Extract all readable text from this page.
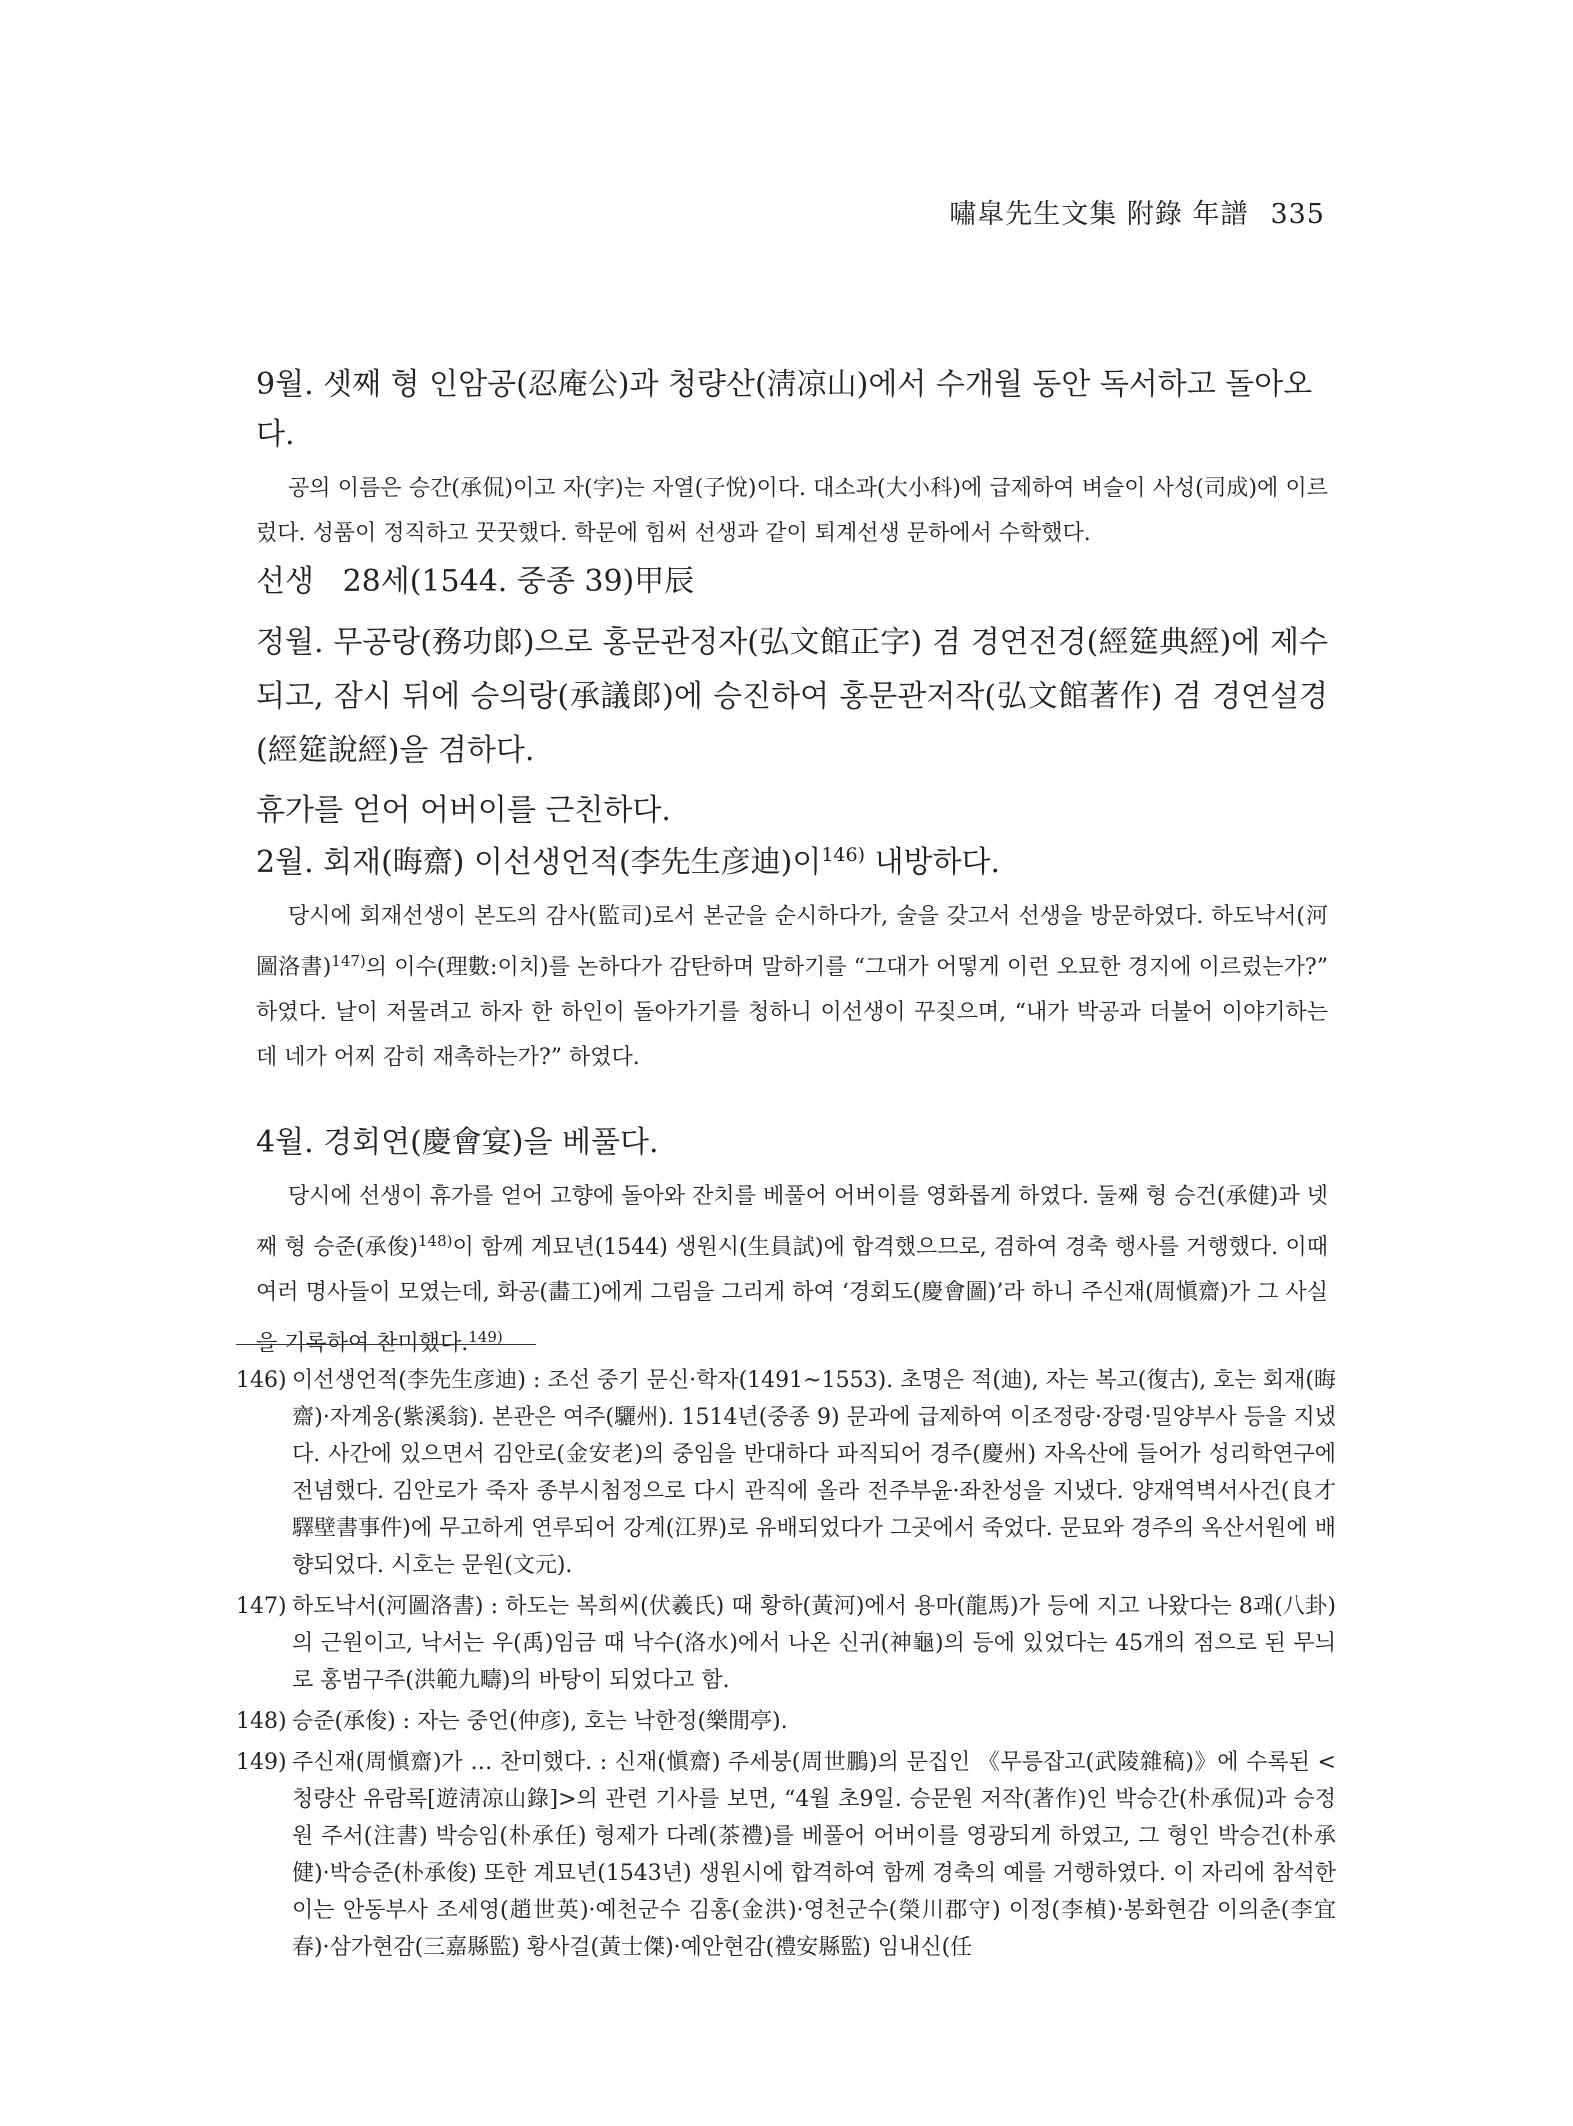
嘯皐先生文集 附錄 年譜 335

9월. 셋째 형 인암공(忍庵公)과 청량산(淸凉山)에서 수개월 동안 독서하고 돌아오다.

공의 이름은 승간(承侃)이고 자(字)는 자열(子悅)이다. 대소과(大小科)에 급제하여 벼슬이 사성(司成)에 이르렀다. 성품이 정직하고 꿋꿋했다. 학문에 힘써 선생과 같이 퇴계선생 문하에서 수학했다.

선생 28세(1544. 중종 39)甲辰

정월. 무공랑(務功郞)으로 홍문관정자(弘文館正字) 겸 경연전경(經筵典經)에 제수되고, 잠시 뒤에 승의랑(承議郞)에 승진하여 홍문관저작(弘文館著作) 겸 경연설경(經筵說經)을 겸하다.

휴가를 얻어 어버이를 근친하다.

2월. 회재(晦齋) 이선생언적(李先生彦迪)이$^{146)}$ 내방하다.

당시에 회재선생이 본도의 감사(監司)로서 본군을 순시하다가, 술을 갖고서 선생을 방문하였다. 하도낙서(河圖洛書)$^{147)}$의 이수(理數:이치)를 논하다가 감탄하며 말하기를 “그대가 어떻게 이런 오묘한 경지에 이르렀는가?” 하였다. 날이 저물려고 하자 한 하인이 돌아가기를 청하니 이선생이 꾸짖으며, “내가 박공과 더불어 이야기하는데 네가 어찌 감히 재촉하는가?” 하였다.

4월. 경회연(慶會宴)을 베풀다.

당시에 선생이 휴가를 얻어 고향에 돌아와 잔치를 베풀어 어버이를 영화롭게 하였다. 둘째 형 승건(承健)과 넷째 형 승준(承俊)$^{148)}$이 함께 계묘년(1544) 생원시(生員試)에 합격했으므로, 겸하여 경축 행사를 거행했다. 이때 여러 명사들이 모였는데, 화공(畵工)에게 그림을 그리게 하여 ‘경회도(慶會圖)’라 하니 주신재(周愼齋)가 그 사실을 기록하여 찬미했다.$^{149)}$

146) 이선생언적(李先生彦迪) : 조선 중기 문신·학자(1491~1553). 초명은 적(迪), 자는 복고(復古), 호는 회재(晦齋)·자계옹(紫溪翁). 본관은 여주(驪州). 1514년(중종 9) 문과에 급제하여 이조정랑·장령·밀양부사 등을 지냈다. 사간에 있으면서 김안로(金安老)의 중임을 반대하다 파직되어 경주(慶州) 자옥산에 들어가 성리학연구에 전념했다. 김안로가 죽자 종부시첨정으로 다시 관직에 올라 전주부윤·좌찬성을 지냈다. 양재역벽서사건(良才驛壁書事件)에 무고하게 연루되어 강계(江界)로 유배되었다가 그곳에서 죽었다. 문묘와 경주의 옥산서원에 배향되었다. 시호는 문원(文元).
147) 하도낙서(河圖洛書) : 하도는 복희씨(伏羲氏) 때 황하(黃河)에서 용마(龍馬)가 등에 지고 나왔다는 8괘(八卦)의 근원이고, 낙서는 우(禹)임금 때 낙수(洛水)에서 나온 신귀(神龜)의 등에 있었다는 45개의 점으로 된 무늬로 홍범구주(洪範九疇)의 바탕이 되었다고 함.
148) 승준(承俊) : 자는 중언(仲彦), 호는 낙한정(樂閒亭).
149) 주신재(周愼齋)가 … 찬미했다. : 신재(愼齋) 주세붕(周世鵬)의 문집인 《무릉잡고(武陵雜稿)》에 수록된 <청량산 유람록[遊淸凉山錄]>의 관련 기사를 보면, “4월 초9일. 승문원 저작(著作)인 박승간(朴承侃)과 승정원 주서(注書) 박승임(朴承任) 형제가 다례(茶禮)를 베풀어 어버이를 영광되게 하였고, 그 형인 박승건(朴承健)·박승준(朴承俊) 또한 계묘년(1543년) 생원시에 합격하여 함께 경축의 예를 거행하였다. 이 자리에 참석한 이는 안동부사 조세영(趙世英)·예천군수 김홍(金洪)·영천군수(榮川郡守) 이정(李楨)·봉화현감 이의춘(李宜春)·삼가현감(三嘉縣監) 황사걸(黃士傑)·예안현감(禮安縣監) 임내신(任
